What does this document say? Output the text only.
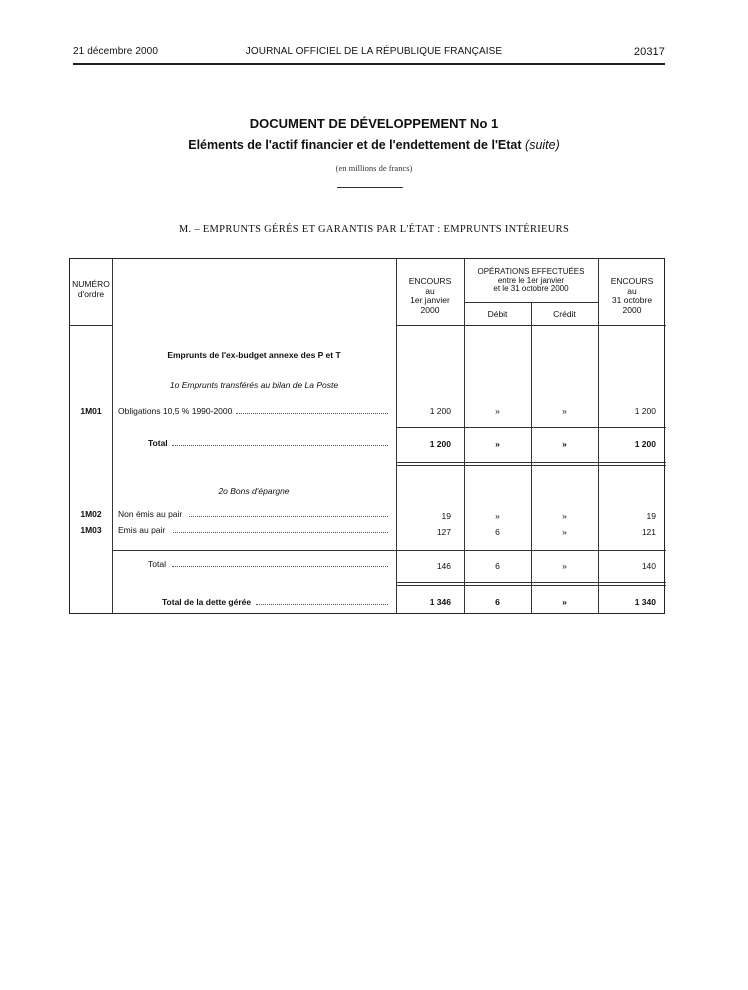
21 décembre 2000	JOURNAL OFFICIEL DE LA RÉPUBLIQUE FRANÇAISE	20317
DOCUMENT DE DÉVELOPPEMENT No 1
Eléments de l'actif financier et de l'endettement de l'Etat (suite)
(en millions de francs)
M. – EMPRUNTS GÉRÉS ET GARANTIS PAR L'ÉTAT : EMPRUNTS INTÉRIEURS
NUMÉRO
d'ordre
ENCOURS
au
1er janvier
2000
OPÉRATIONS EFFECTUÉES
entre le 1er janvier
et le 31 octobre 2000
Débit	Crédit
ENCOURS
au
31 octobre
2000
Emprunts de l'ex-budget annexe des P et T
1o Emprunts transférés au bilan de La Poste
2o Bons d'épargne
1M01	Obligations 10,5 % 1990-2000	1 200	»	»	1 200
Total	1 200	»	»	1 200
1M02	Non émis au pair	19	»	»	19
1M03	Emis au pair	127	6	»	121
Total	146	6	»	140
Total de la dette gérée	1 346	6	»	1 340
